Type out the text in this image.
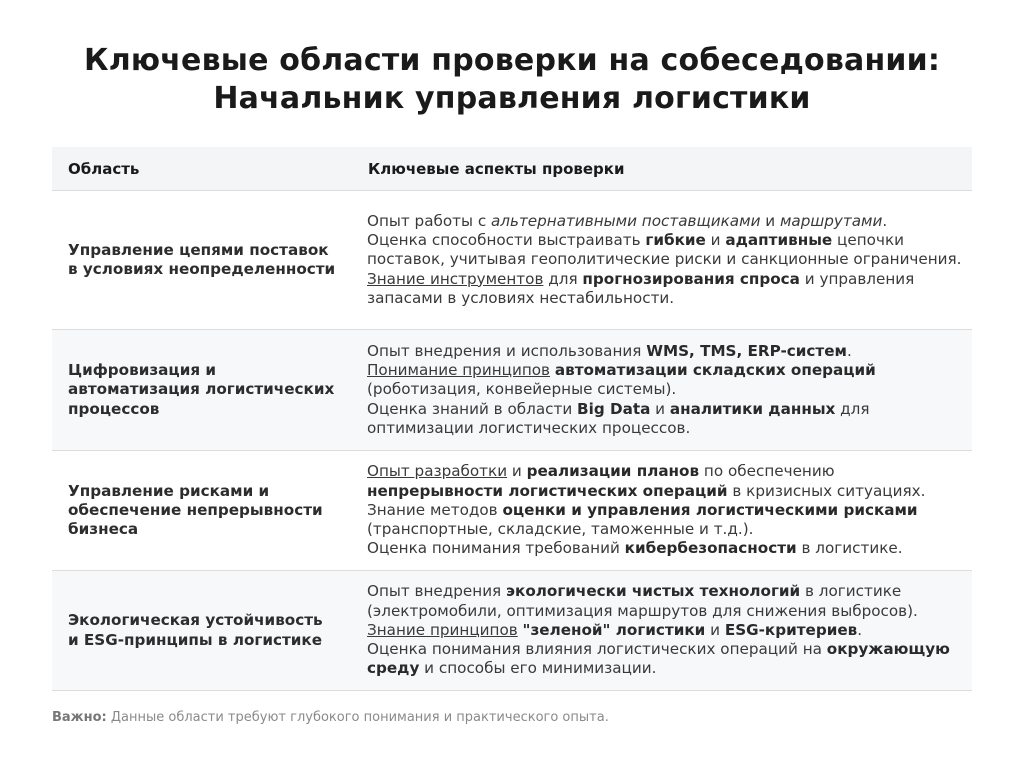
Ключевые области проверки на собеседовании:
Начальник управления логистики
Область	Ключевые аспекты проверки
Управление цепями поставок в условиях неопределенности	Опыт работы с альтернативными поставщиками и маршрутами.
Оценка способности выстраивать гибкие и адаптивные цепочки поставок, учитывая геополитические риски и санкционные ограничения.
Знание инструментов для прогнозирования спроса и управления запасами в условиях нестабильности.

Цифровизация и автоматизация логистических процессов	Опыт внедрения и использования WMS, TMS, ERP-систем.
Понимание принципов автоматизации складских операций (роботизация, конвейерные системы).
Оценка знаний в области Big Data и аналитики данных для оптимизации логистических процессов.

Управление рисками и обеспечение непрерывности бизнеса	Опыт разработки и реализации планов по обеспечению непрерывности логистических операций в кризисных ситуациях.
Знание методов оценки и управления логистическими рисками (транспортные, складские, таможенные и т.д.).
Оценка понимания требований кибербезопасности в логистике.

Экологическая устойчивость и ESG-принципы в логистике	Опыт внедрения экологически чистых технологий в логистике (электромобили, оптимизация маршрутов для снижения выбросов).
Знание принципов "зеленой" логистики и ESG-критериев.
Оценка понимания влияния логистических операций на окружающую среду и способы его минимизации.
Важно: Данные области требуют глубокого понимания и практического опыта.
